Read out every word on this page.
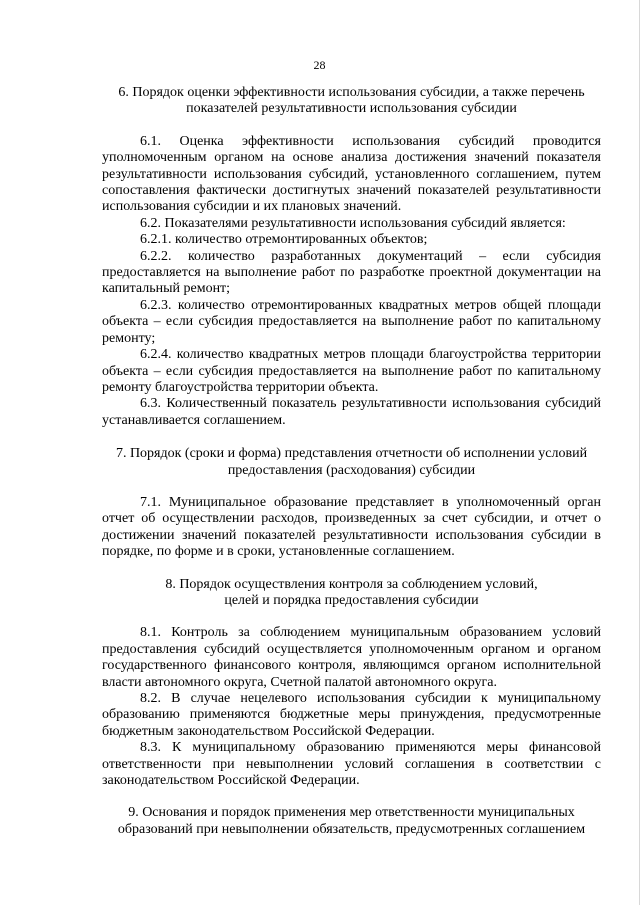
28
6. Порядок оценки эффективности использования субсидии, а также перечень
показателей результативности использования субсидии

6.1. Оценка эффективности использования субсидий проводится уполномоченным органом на основе анализа достижения значений показателя результативности использования субсидий, установленного соглашением, путем сопоставления фактически достигнутых значений показателей результативности использования субсидии и их плановых значений.

6.2. Показателями результативности использования субсидий является:

6.2.1. количество отремонтированных объектов;

6.2.2. количество разработанных документаций – если субсидия предоставляется на выполнение работ по разработке проектной документации на капитальный ремонт;

6.2.3. количество отремонтированных квадратных метров общей площади объекта – если субсидия предоставляется на выполнение работ по капитальному ремонту;

6.2.4. количество квадратных метров площади благоустройства территории объекта – если субсидия предоставляется на выполнение работ по капитальному ремонту благоустройства территории объекта.

6.3. Количественный показатель результативности использования субсидий устанавливается соглашением.

7. Порядок (сроки и форма) представления отчетности об исполнении условий
предоставления (расходования) субсидии

7.1. Муниципальное образование представляет в уполномоченный орган отчет об осуществлении расходов, произведенных за счет субсидии, и отчет о достижении значений показателей результативности использования субсидии в порядке, по форме и в сроки, установленные соглашением.

8. Порядок осуществления контроля за соблюдением условий,
целей и порядка предоставления субсидии

8.1. Контроль за соблюдением муниципальным образованием условий предоставления субсидий осуществляется уполномоченным органом и органом государственного финансового контроля, являющимся органом исполнительной власти автономного округа, Счетной палатой автономного округа.

8.2. В случае нецелевого использования субсидии к муниципальному образованию применяются бюджетные меры принуждения, предусмотренные бюджетным законодательством Российской Федерации.

8.3. К муниципальному образованию применяются меры финансовой ответственности при невыполнении условий соглашения в соответствии с законодательством Российской Федерации.

9. Основания и порядок применения мер ответственности муниципальных
образований при невыполнении обязательств, предусмотренных соглашением
